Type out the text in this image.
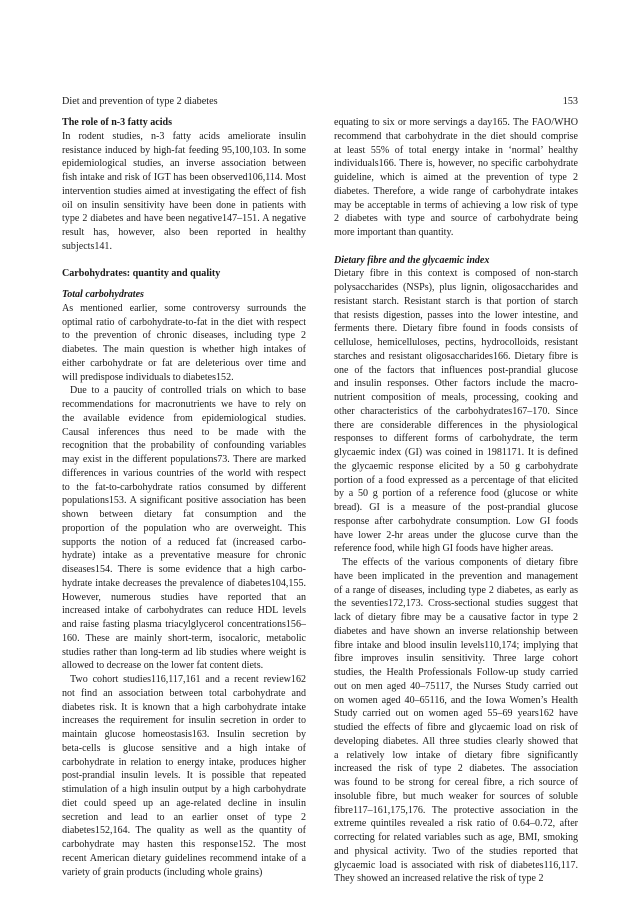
Diet and prevention of type 2 diabetes	153
The role of n-3 fatty acids
In rodent studies, n-3 fatty acids ameliorate insulin
resistance induced by high-fat feeding 95,100,103. In some
epidemiological studies, an inverse association between
fish intake and risk of IGT has been observed106,114. Most
intervention studies aimed at investigating the effect of fish
oil on insulin sensitivity have been done in patients with
type 2 diabetes and have been negative147–151. A negative
result has, however, also been reported in healthy
subjects141.
Carbohydrates: quantity and quality
Total carbohydrates
As mentioned earlier, some controversy surrounds the
optimal ratio of carbohydrate-to-fat in the diet with respect
to the prevention of chronic diseases, including type 2
diabetes. The main question is whether high intakes of
either carbohydrate or fat are deleterious over time and
will predispose individuals to diabetes152.
Due to a paucity of controlled trials on which to base
recommendations for macronutrients we have to rely on
the available evidence from epidemiological studies.
Causal inferences thus need to be made with the
recognition that the probability of confounding variables
may exist in the different populations73. There are marked
differences in various countries of the world with respect
to the fat-to-carbohydrate ratios consumed by different
populations153. A significant positive association has been
shown between dietary fat consumption and the
proportion of the population who are overweight. This
supports the notion of a reduced fat (increased carbo-
hydrate) intake as a preventative measure for chronic
diseases154. There is some evidence that a high carbo-
hydrate intake decreases the prevalence of diabetes104,155.
However, numerous studies have reported that an
increased intake of carbohydrates can reduce HDL levels
and raise fasting plasma triacylglycerol concentrations156–
160. These are mainly short-term, isocaloric, metabolic
studies rather than long-term ad lib studies where weight is
allowed to decrease on the lower fat content diets.
Two cohort studies116,117,161 and a recent review162
not find an association between total carbohydrate and
diabetes risk. It is known that a high carbohydrate intake
increases the requirement for insulin secretion in order to
maintain glucose homeostasis163. Insulin secretion by
beta-cells is glucose sensitive and a high intake of
carbohydrate in relation to energy intake, produces higher
post-prandial insulin levels. It is possible that repeated
stimulation of a high insulin output by a high carbohydrate
diet could speed up an age-related decline in insulin
secretion and lead to an earlier onset of type 2
diabetes152,164. The quality as well as the quantity of
carbohydrate may hasten this response152. The most
recent American dietary guidelines recommend intake of a
variety of grain products (including whole grains)
equating to six or more servings a day165. The FAO/WHO
recommend that carbohydrate in the diet should comprise
at least 55% of total energy intake in ‘normal’ healthy
individuals166. There is, however, no specific carbohydrate
guideline, which is aimed at the prevention of type 2
diabetes. Therefore, a wide range of carbohydrate intakes
may be acceptable in terms of achieving a low risk of type
2 diabetes with type and source of carbohydrate being
more important than quantity.
Dietary fibre and the glycaemic index
Dietary fibre in this context is composed of non-starch
polysaccharides (NSPs), plus lignin, oligosaccharides and
resistant starch. Resistant starch is that portion of starch
that resists digestion, passes into the lower intestine, and
ferments there. Dietary fibre found in foods consists of
cellulose, hemicelluloses, pectins, hydrocolloids, resistant
starches and resistant oligosaccharides166. Dietary fibre is
one of the factors that influences post-prandial glucose
and insulin responses. Other factors include the macro-
nutrient composition of meals, processing, cooking and
other characteristics of the carbohydrates167–170. Since
there are considerable differences in the physiological
responses to different forms of carbohydrate, the term
glycaemic index (GI) was coined in 1981171. It is defined
the glycaemic response elicited by a 50 g carbohydrate
portion of a food expressed as a percentage of that elicited
by a 50 g portion of a reference food (glucose or white
bread). GI is a measure of the post-prandial glucose
response after carbohydrate consumption. Low GI foods
have lower 2-hr areas under the glucose curve than the
reference food, while high GI foods have higher areas.
The effects of the various components of dietary fibre
have been implicated in the prevention and management
of a range of diseases, including type 2 diabetes, as early as
the seventies172,173. Cross-sectional studies suggest that
lack of dietary fibre may be a causative factor in type 2
diabetes and have shown an inverse relationship between
fibre intake and blood insulin levels110,174; implying that
fibre improves insulin sensitivity. Three large cohort
studies, the Health Professionals Follow-up study carried
out on men aged 40–75117, the Nurses Study carried out
on women aged 40–65116, and the Iowa Women’s Health
Study carried out on women aged 55–69 years162 have
studied the effects of fibre and glycaemic load on risk of
developing diabetes. All three studies clearly showed that
a relatively low intake of dietary fibre significantly
increased the risk of type 2 diabetes. The association
was found to be strong for cereal fibre, a rich source of
insoluble fibre, but much weaker for sources of soluble
fibre117–161,175,176. The protective association in the
extreme quintiles revealed a risk ratio of 0.64–0.72, after
correcting for related variables such as age, BMI, smoking
and physical activity. Two of the studies reported that
glycaemic load is associated with risk of diabetes116,117.
They showed an increased relative the risk of type 2
